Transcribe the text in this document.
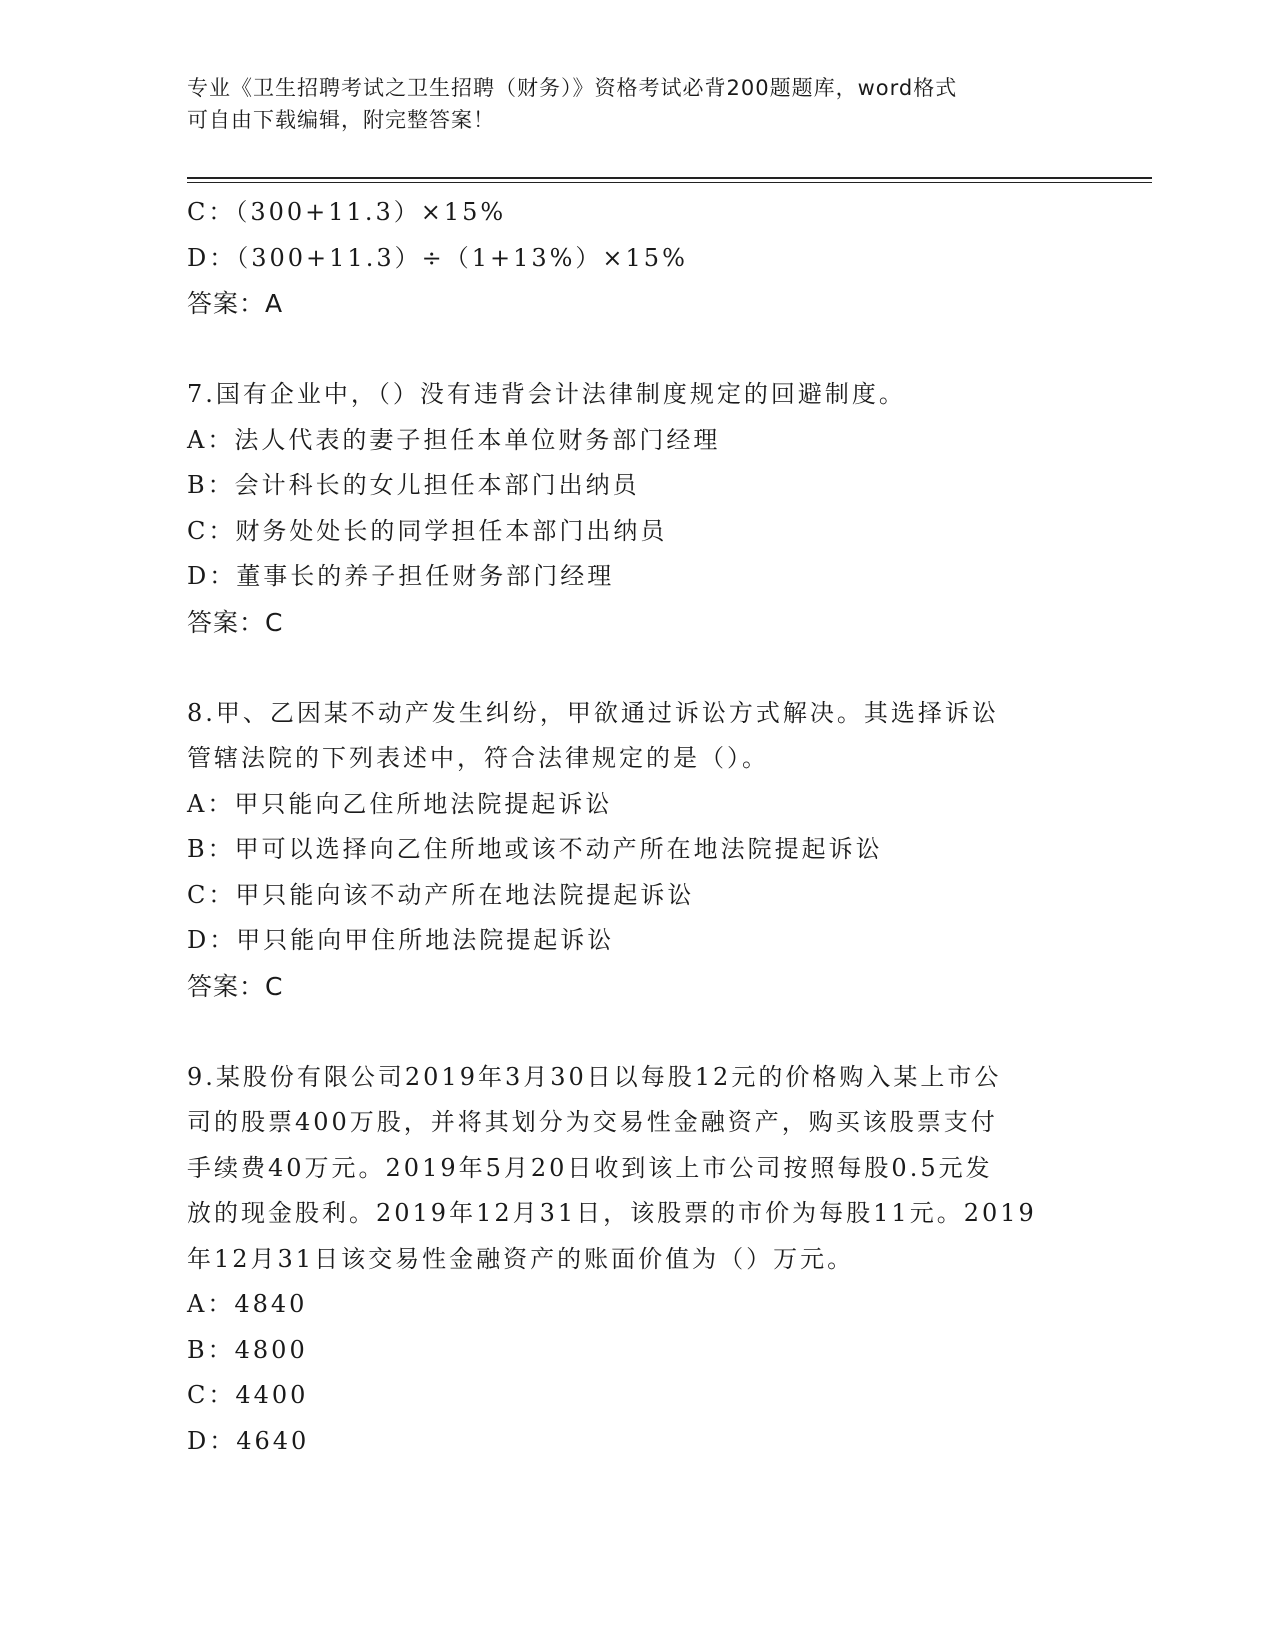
专业《卫生招聘考试之卫生招聘（财务）》资格考试必背200题题库，word格式
可自由下载编辑，附完整答案！
C：（300+11.3）×15%
D：（300+11.3）÷（1+13%）×15%
答案：A
7.国有企业中，（）没有违背会计法律制度规定的回避制度。
A：法人代表的妻子担任本单位财务部门经理
B：会计科长的女儿担任本部门出纳员
C：财务处处长的同学担任本部门出纳员
D：董事长的养子担任财务部门经理
答案：C
8.甲、乙因某不动产发生纠纷，甲欲通过诉讼方式解决。其选择诉讼
管辖法院的下列表述中，符合法律规定的是（）。
A：甲只能向乙住所地法院提起诉讼
B：甲可以选择向乙住所地或该不动产所在地法院提起诉讼
C：甲只能向该不动产所在地法院提起诉讼
D：甲只能向甲住所地法院提起诉讼
答案：C
9.某股份有限公司2019年3月30日以每股12元的价格购入某上市公
司的股票400万股，并将其划分为交易性金融资产，购买该股票支付
手续费40万元。2019年5月20日收到该上市公司按照每股0.5元发
放的现金股利。2019年12月31日，该股票的市价为每股11元。2019
年12月31日该交易性金融资产的账面价值为（）万元。
A：4840
B：4800
C：4400
D：4640
